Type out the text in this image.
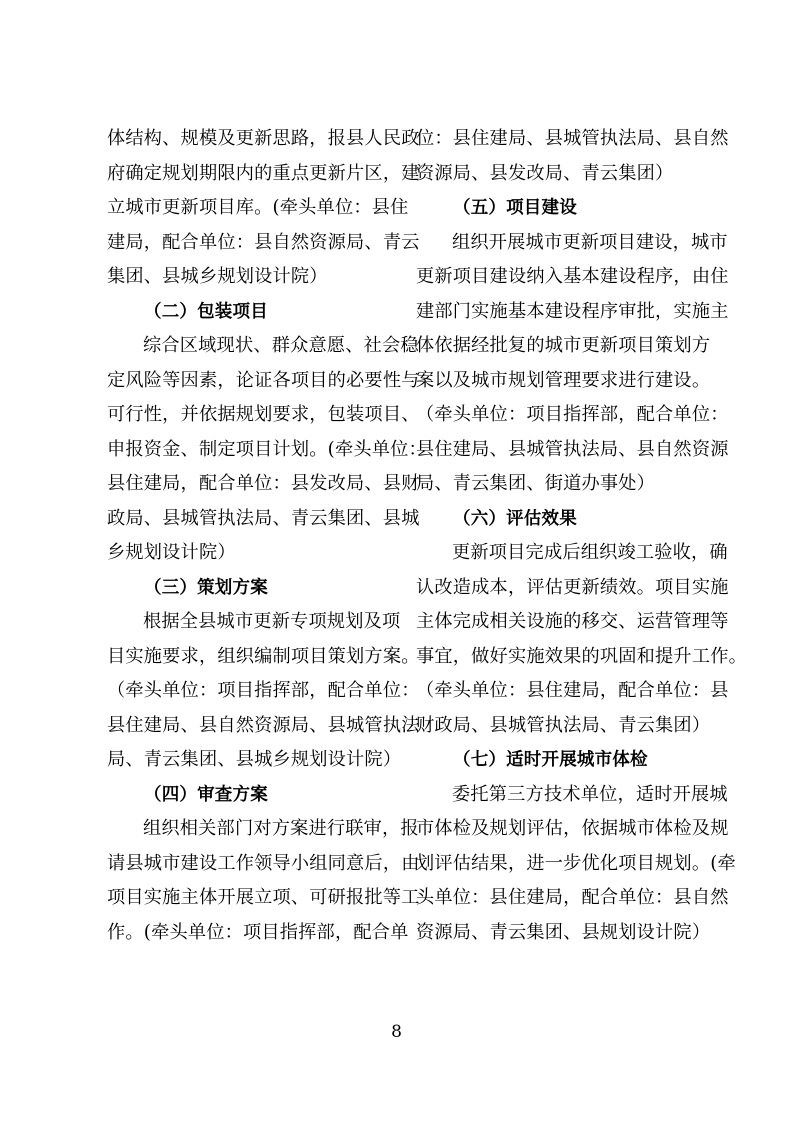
体结构、规模及更新思路，报县人民政
府确定规划期限内的重点更新片区，建
立城市更新项目库。(牵头单位：县住
建局，配合单位：县自然资源局、青云
集团、县城乡规划设计院）
（二）包装项目
综合区域现状、群众意愿、社会稳
定风险等因素，论证各项目的必要性与
可行性，并依据规划要求，包装项目、
申报资金、制定项目计划。(牵头单位：
县住建局，配合单位：县发改局、县财
政局、县城管执法局、青云集团、县城
乡规划设计院）
（三）策划方案
根据全县城市更新专项规划及项
目实施要求，组织编制项目策划方案。
（牵头单位：项目指挥部，配合单位：
县住建局、县自然资源局、县城管执法
局、青云集团、县城乡规划设计院）
（四）审查方案
组织相关部门对方案进行联审，报
请县城市建设工作领导小组同意后，由
项目实施主体开展立项、可研报批等工
作。(牵头单位：项目指挥部，配合单
位：县住建局、县城管执法局、县自然
资源局、县发改局、青云集团）
（五）项目建设
组织开展城市更新项目建设，城市
更新项目建设纳入基本建设程序，由住
建部门实施基本建设程序审批，实施主
体依据经批复的城市更新项目策划方
案以及城市规划管理要求进行建设。
（牵头单位：项目指挥部，配合单位：
县住建局、县城管执法局、县自然资源
局、青云集团、街道办事处）
（六）评估效果
更新项目完成后组织竣工验收，确
认改造成本，评估更新绩效。项目实施
主体完成相关设施的移交、运营管理等
事宜，做好实施效果的巩固和提升工作。
（牵头单位：县住建局，配合单位：县
财政局、县城管执法局、青云集团）
（七）适时开展城市体检
委托第三方技术单位，适时开展城
市体检及规划评估，依据城市体检及规
划评估结果，进一步优化项目规划。(牵
头单位：县住建局，配合单位：县自然
资源局、青云集团、县规划设计院）
8
